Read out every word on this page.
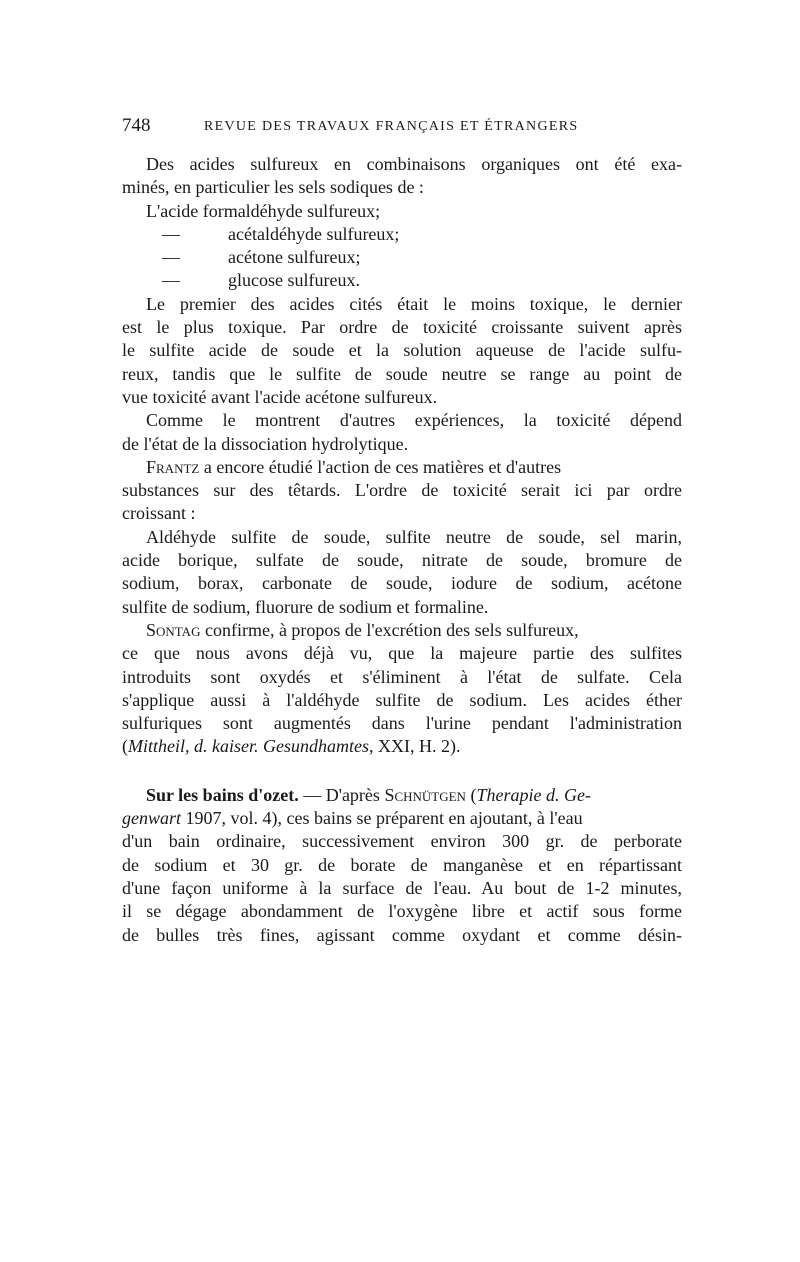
748	REVUE DES TRAVAUX FRANÇAIS ET ÉTRANGERS
Des acides sulfureux en combinaisons organiques ont été exa-
minés, en particulier les sels sodiques de :
L'acide formaldéhyde sulfureux;
—	acétaldéhyde sulfureux;
—	acétone sulfureux;
—	glucose sulfureux.
Le premier des acides cités était le moins toxique, le dernier
est le plus toxique. Par ordre de toxicité croissante suivent après
le sulfite acide de soude et la solution aqueuse de l'acide sulfu-
reux, tandis que le sulfite de soude neutre se range au point de
vue toxicité avant l'acide acétone sulfureux.
Comme le montrent d'autres expériences, la toxicité dépend
de l'état de la dissociation hydrolytique.
Frantz a encore étudié l'action de ces matières et d'autres
substances sur des têtards. L'ordre de toxicité serait ici par ordre
croissant :
Aldéhyde sulfite de soude, sulfite neutre de soude, sel marin,
acide borique, sulfate de soude, nitrate de soude, bromure de
sodium, borax, carbonate de soude, iodure de sodium, acétone
sulfite de sodium, fluorure de sodium et formaline.
Sontag confirme, à propos de l'excrétion des sels sulfureux,
ce que nous avons déjà vu, que la majeure partie des sulfites
introduits sont oxydés et s'éliminent à l'état de sulfate. Cela
s'applique aussi à l'aldéhyde sulfite de sodium. Les acides éther
sulfuriques sont augmentés dans l'urine pendant l'administration
(Mittheil, d. kaiser. Gesundhamtes, XXI, H. 2).
Sur les bains d'ozet. — D'après Schnütgen (Therapie d. Ge-
genwart 1907, vol. 4), ces bains se préparent en ajoutant, à l'eau
d'un bain ordinaire, successivement environ 300 gr. de perborate
de sodium et 30 gr. de borate de manganèse et en répartissant
d'une façon uniforme à la surface de l'eau. Au bout de 1-2 minutes,
il se dégage abondamment de l'oxygène libre et actif sous forme
de bulles très fines, agissant comme oxydant et comme désin-
